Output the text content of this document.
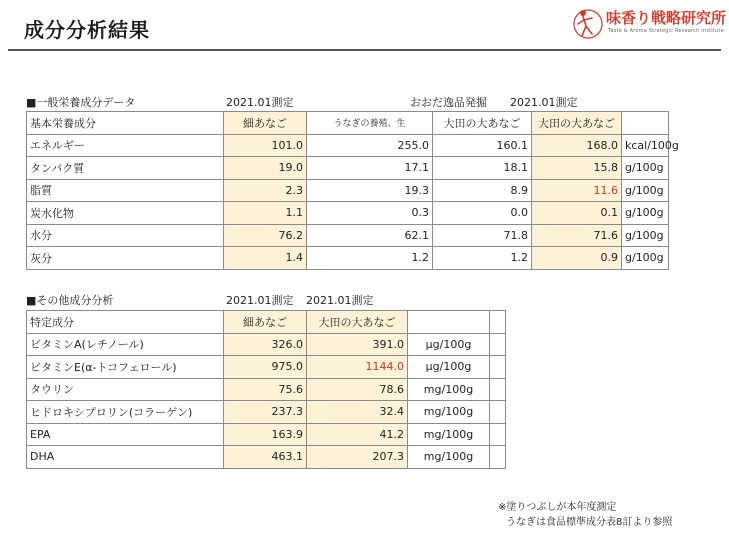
成分分析結果	味香り戦略研究所
Taste & Aroma Strategic Research Institute
■一般栄養成分データ	2021.01測定	おおだ逸品発掘 2021.01測定
基本栄養成分	細あなご	うなぎの養殖、生	大田の大あなご	大田の大あなご	
エネルギー	101.0	255.0	160.1	168.0	kcal/100g
タンパク質	19.0	17.1	18.1	15.8	g/100g
脂質	2.3	19.3	8.9	11.6	g/100g
炭水化物	1.1	0.3	0.0	0.1	g/100g
水分	76.2	62.1	71.8	71.6	g/100g
灰分	1.4	1.2	1.2	0.9	g/100g
■その他成分分析	2021.01測定 2021.01測定
特定成分	細あなご	大田の大あなご		
ビタミンA(レチノール)	326.0	391.0	μg/100g	
ビタミンE(α-トコフェロール)	975.0	1144.0	μg/100g	
タウリン	75.6	78.6	mg/100g	
ヒドロキシプロリン(コラーゲン)	237.3	32.4	mg/100g	
EPA	163.9	41.2	mg/100g	
DHA	463.1	207.3	mg/100g	
※塗りつぶしが本年度測定
うなぎは食品標準成分表8訂より参照
